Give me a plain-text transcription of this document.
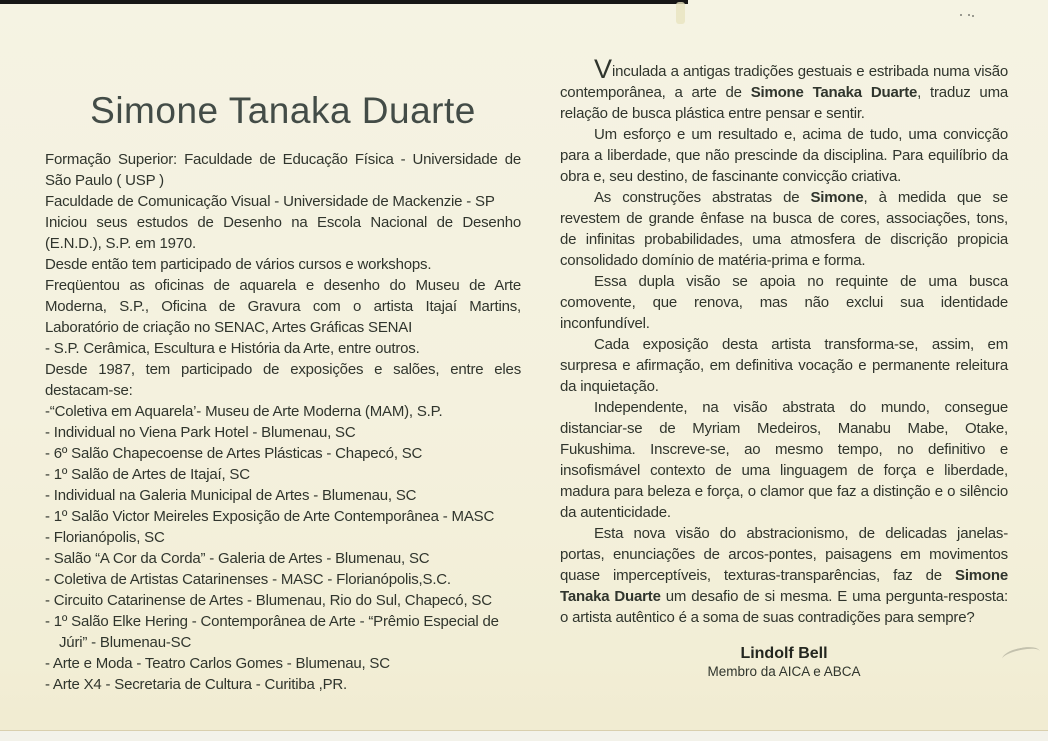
Simone Tanaka Duarte

Formação Superior: Faculdade de Educação Física - Universidade de São Paulo ( USP )

Faculdade de Comunicação Visual - Universidade de Mackenzie - SP

Iniciou seus estudos de Desenho na Escola Nacional de Desenho (E.N.D.), S.P. em 1970.

Desde então tem participado de vários cursos e workshops.

Freqüentou as oficinas de aquarela e desenho do Museu de Arte Moderna, S.P., Oficina de Gravura com o artista Itajaí Martins, Laboratório de criação no SENAC, Artes Gráficas SENAI

- S.P. Cerâmica, Escultura e História da Arte, entre outros.

Desde 1987, tem participado de exposições e salões, entre eles destacam-se:

-“Coletiva em Aquarela’- Museu de Arte Moderna (MAM), S.P.
- Individual no Viena Park Hotel - Blumenau, SC
- 6º Salão Chapecoense de Artes Plásticas - Chapecó, SC
- 1º Salão de Artes de Itajaí, SC
- Individual na Galeria Municipal de Artes - Blumenau, SC
- 1º Salão Victor Meireles Exposição de Arte Contemporânea - MASC
- Florianópolis, SC
- Salão “A Cor da Corda” - Galeria de Artes - Blumenau, SC
- Coletiva de Artistas Catarinenses - MASC - Florianópolis,S.C.
- Circuito Catarinense de Artes - Blumenau, Rio do Sul, Chapecó, SC
- 1º Salão Elke Hering - Contemporânea de Arte - “Prêmio Especial de Júri” - Blumenau-SC
- Arte e Moda - Teatro Carlos Gomes - Blumenau, SC
- Arte X4 - Secretaria de Cultura - Curitiba ,PR.

Vinculada a antigas tradições gestuais e estribada numa visão contemporânea, a arte de Simone Tanaka Duarte, traduz uma relação de busca plástica entre pensar e sentir.

Um esforço e um resultado e, acima de tudo, uma convicção para a liberdade, que não prescinde da disciplina. Para equilíbrio da obra e, seu destino, de fascinante convicção criativa.

As construções abstratas de Simone, à medida que se revestem de grande ênfase na busca de cores, associações, tons, de infinitas probabilidades, uma atmosfera de discrição propicia consolidado domínio de matéria-prima e forma.

Essa dupla visão se apoia no requinte de uma busca comovente, que renova, mas não exclui sua identidade inconfundível.

Cada exposição desta artista transforma-se, assim, em surpresa e afirmação, em definitiva vocação e permanente releitura da inquietação.

Independente, na visão abstrata do mundo, consegue distanciar-se de Myriam Medeiros, Manabu Mabe, Otake, Fukushima. Inscreve-se, ao mesmo tempo, no definitivo e insofismável contexto de uma linguagem de força e liberdade, madura para beleza e força, o clamor que faz a distinção e o silêncio da autenticidade.

Esta nova visão do abstracionismo, de delicadas janelas-portas, enunciações de arcos-pontes, paisagens em movimentos quase imperceptíveis, texturas-transparências, faz de Simone Tanaka Duarte um desafio de si mesma. E uma pergunta-resposta: o artista autêntico é a soma de suas contradições para sempre?

Lindolf Bell
Membro da AICA e ABCA
